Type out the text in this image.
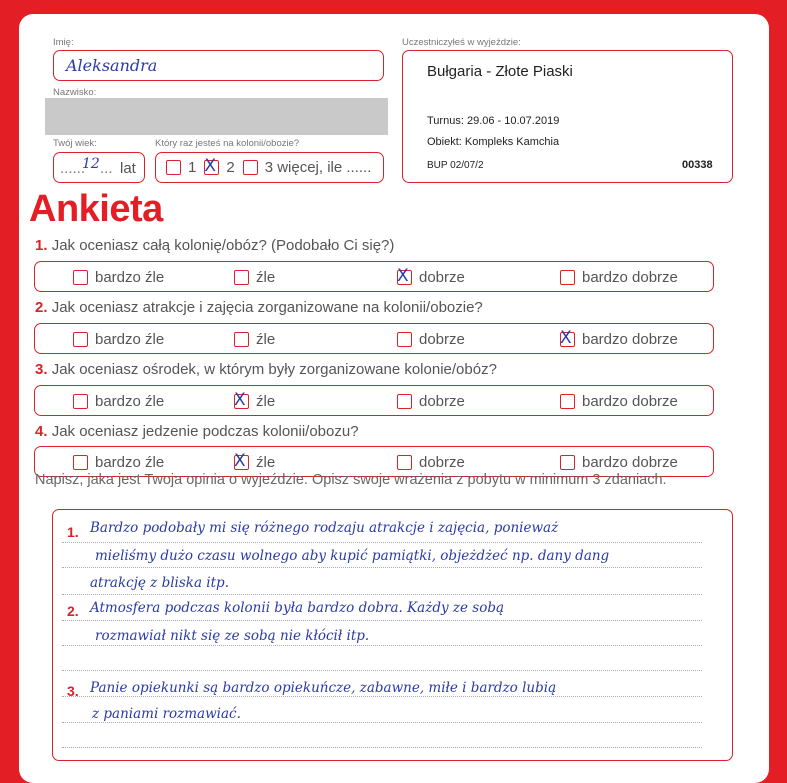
Imię:
Aleksandra
Nazwisko:
Twój wiek:
......
12 ... lat
Który raz jesteś na kolonii/obozie?
1 X 2 3 więcej, ile ......
Uczestniczyłeś w wyjeździe:
Bułgaria - Złote Piaski
Turnus: 29.06 - 10.07.2019
Obiekt: Kompleks Kamchia
BUP 02/07/2	00338
Ankieta
1. Jak oceniasz całą kolonię/obóz? (Podobało Ci się?)
bardzo źle	źle	X dobrze	bardzo dobrze
2. Jak oceniasz atrakcje i zajęcia zorganizowane na kolonii/obozie?
bardzo źle	źle	dobrze	X bardzo dobrze
3. Jak oceniasz ośrodek, w którym były zorganizowane kolonie/obóz?
bardzo źle	X źle	dobrze	bardzo dobrze
4. Jak oceniasz jedzenie podczas kolonii/obozu?
bardzo źle	X źle	dobrze	bardzo dobrze
Napisz, jaka jest Twoja opinia o wyjeździe. Opisz swoje wrażenia z pobytu w minimum 3 zdaniach.
1. Bardzo podobały mi się różnego rodzaju atrakcje i zajęcia, ponieważ
mieliśmy dużo czasu wolnego aby kupić pamiątki, objeżdżeć np. dany dang
atrakcję z bliska itp.
2. Atmosfera podczas kolonii była bardzo dobra. Każdy ze sobą
rozmawiał nikt się ze sobą nie kłócił itp.
3. Panie opiekunki są bardzo opiekuńcze, zabawne, miłe i bardzo lubią
z paniami rozmawiać.
